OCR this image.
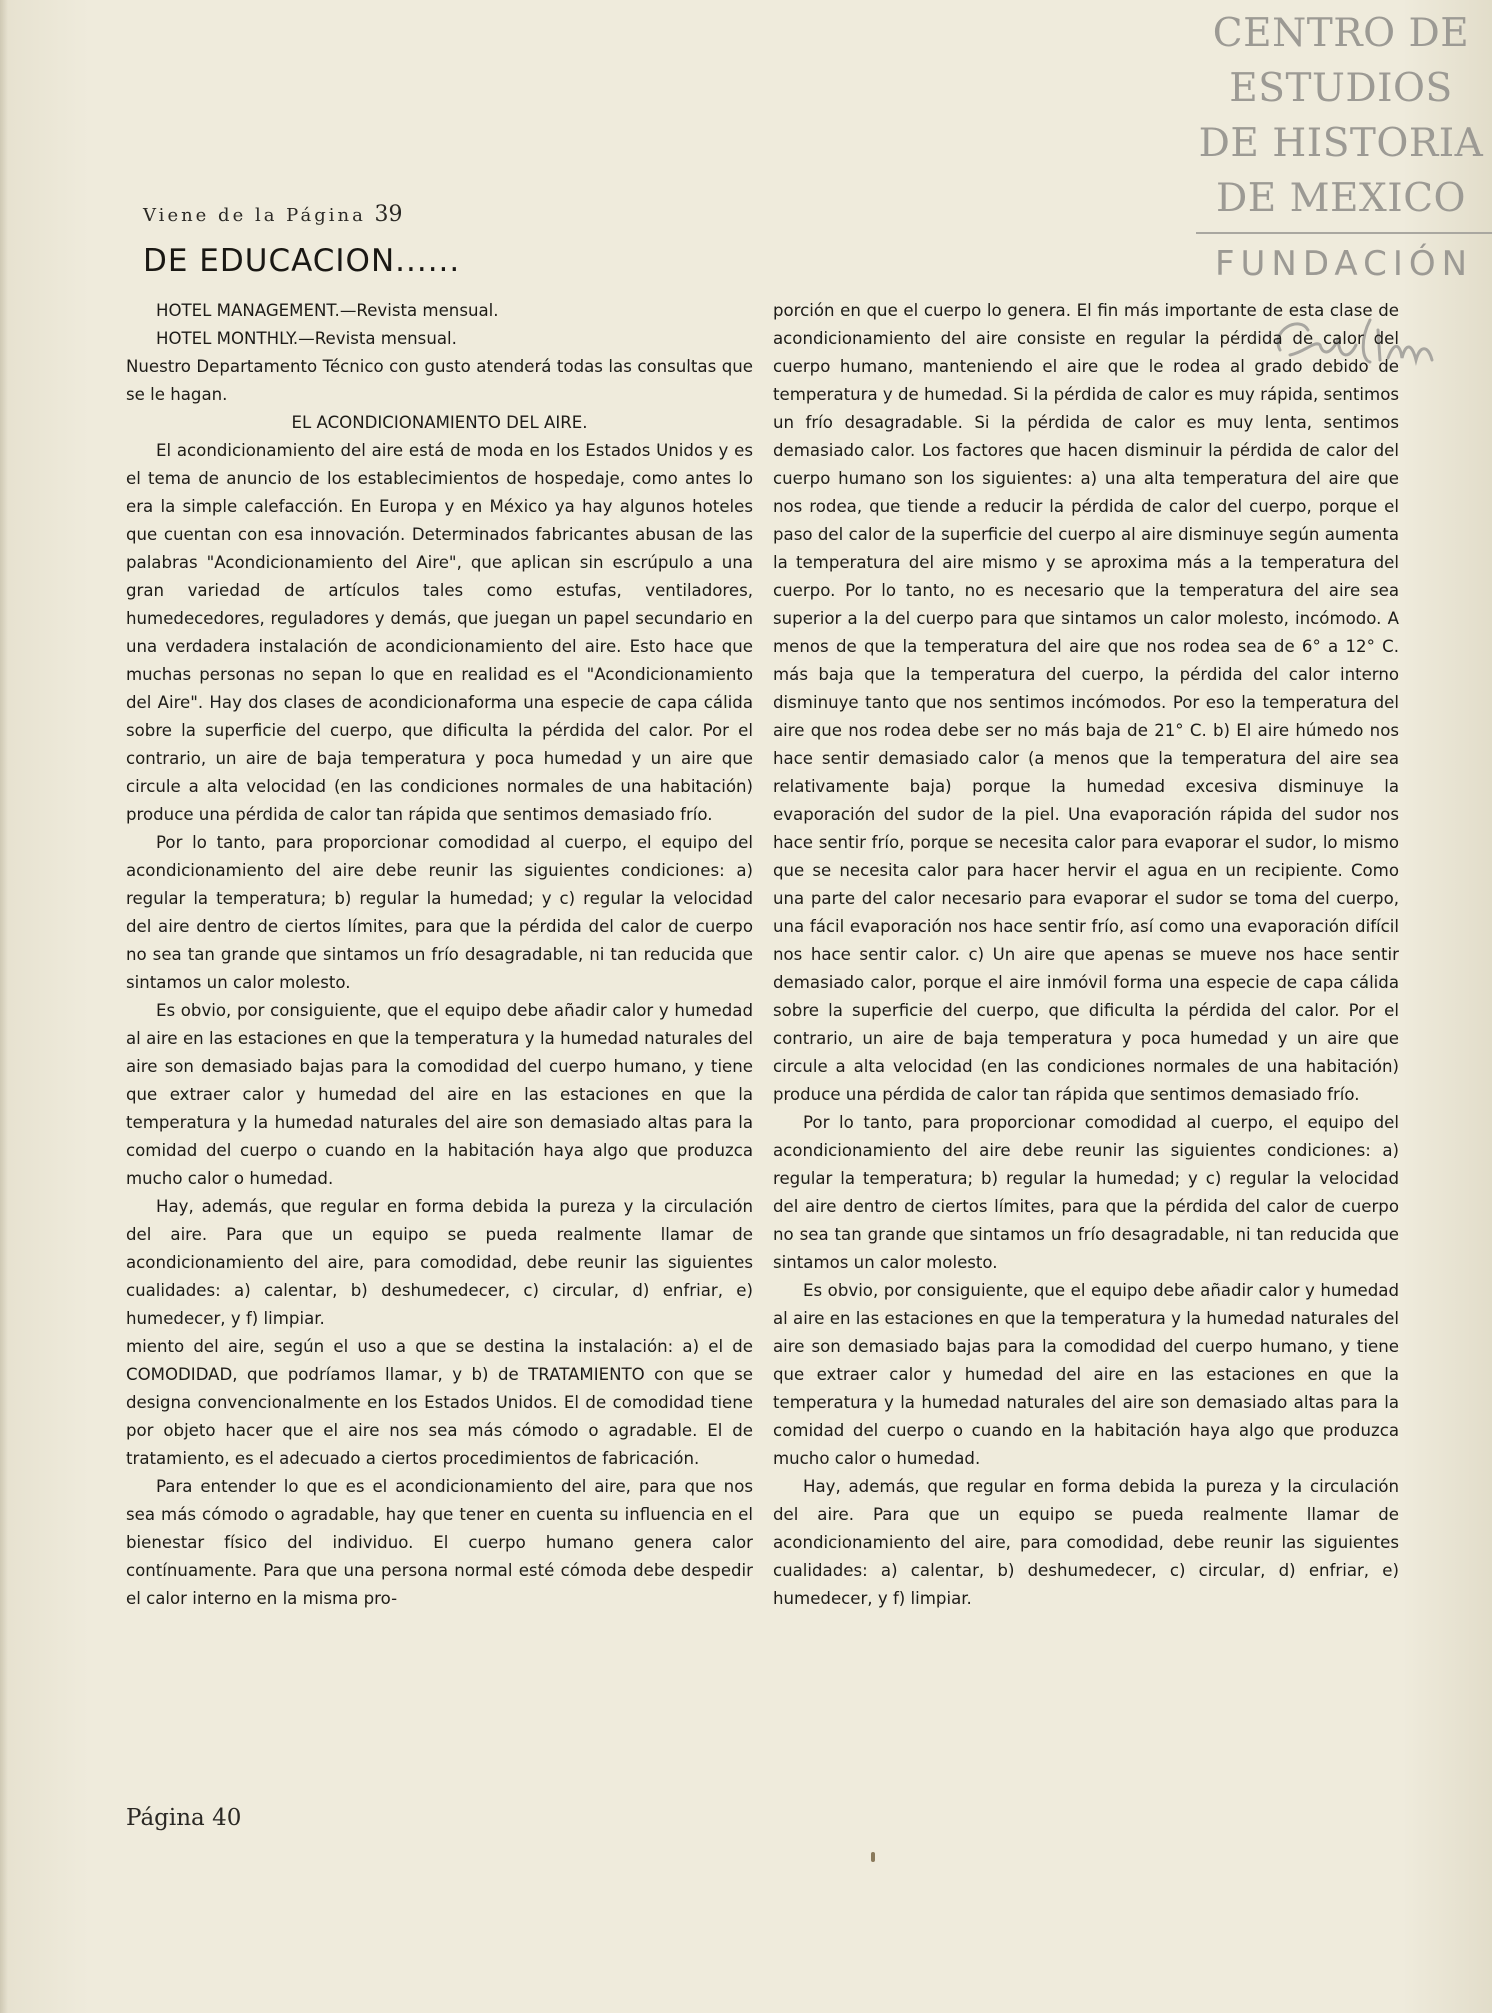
CENTRO DE
ESTUDIOS
DE HISTORIA
DE MEXICO
FUNDACIÓN
Viene de la Página 39
DE EDUCACION......

HOTEL MANAGEMENT.—Revista mensual.

HOTEL MONTHLY.—Revista mensual.

Nuestro Departamento Técnico con gusto atenderá todas las consultas que se le hagan.

EL ACONDICIONAMIENTO DEL AIRE.

El acondicionamiento del aire está de moda en los Estados Unidos y es el tema de anuncio de los establecimientos de hospedaje, como antes lo era la simple calefacción. En Europa y en México ya hay algunos hoteles que cuentan con esa innovación. Determinados fabricantes abusan de las palabras "Acondicionamiento del Aire", que aplican sin escrúpulo a una gran variedad de artículos tales como estufas, ventiladores, humedecedores, reguladores y demás, que juegan un papel secundario en una verdadera instalación de acondicionamiento del aire. Esto hace que muchas personas no sepan lo que en realidad es el "Acondicionamiento del Aire". Hay dos clases de acondicionaforma una especie de capa cálida sobre la superficie del cuerpo, que dificulta la pérdida del calor. Por el contrario, un aire de baja temperatura y poca humedad y un aire que circule a alta velocidad (en las condiciones normales de una habitación) produce una pérdida de calor tan rápida que sentimos demasiado frío.

Por lo tanto, para proporcionar comodidad al cuerpo, el equipo del acondicionamiento del aire debe reunir las siguientes condiciones: a) regular la temperatura; b) regular la humedad; y c) regular la velocidad del aire dentro de ciertos límites, para que la pérdida del calor de cuerpo no sea tan grande que sintamos un frío desagradable, ni tan reducida que sintamos un calor molesto.

Es obvio, por consiguiente, que el equipo debe añadir calor y humedad al aire en las estaciones en que la temperatura y la humedad naturales del aire son demasiado bajas para la comodidad del cuerpo humano, y tiene que extraer calor y humedad del aire en las estaciones en que la temperatura y la humedad naturales del aire son demasiado altas para la comidad del cuerpo o cuando en la habitación haya algo que produzca mucho calor o humedad.

Hay, además, que regular en forma debida la pureza y la circulación del aire. Para que un equipo se pueda realmente llamar de acondicionamiento del aire, para comodidad, debe reunir las siguientes cualidades: a) calentar, b) deshumedecer, c) circular, d) enfriar, e) humedecer, y f) limpiar.

miento del aire, según el uso a que se destina la instalación: a) el de COMODIDAD, que podríamos llamar, y b) de TRATAMIENTO con que se designa convencionalmente en los Estados Unidos. El de comodidad tiene por objeto hacer que el aire nos sea más cómodo o agradable. El de tratamiento, es el adecuado a ciertos procedimientos de fabricación.

Para entender lo que es el acondicionamiento del aire, para que nos sea más cómodo o agradable, hay que tener en cuenta su influencia en el bienestar físico del individuo. El cuerpo humano genera calor contínuamente. Para que una persona normal esté cómoda debe despedir el calor interno en la misma pro-

porción en que el cuerpo lo genera. El fin más importante de esta clase de acondicionamiento del aire consiste en regular la pérdida de calor del cuerpo humano, manteniendo el aire que le rodea al grado debido de temperatura y de humedad. Si la pérdida de calor es muy rápida, sentimos un frío desagradable. Si la pérdida de calor es muy lenta, sentimos demasiado calor. Los factores que hacen disminuir la pérdida de calor del cuerpo humano son los siguientes: a) una alta temperatura del aire que nos rodea, que tiende a reducir la pérdida de calor del cuerpo, porque el paso del calor de la superficie del cuerpo al aire disminuye según aumenta la temperatura del aire mismo y se aproxima más a la temperatura del cuerpo. Por lo tanto, no es necesario que la temperatura del aire sea superior a la del cuerpo para que sintamos un calor molesto, incómodo. A menos de que la temperatura del aire que nos rodea sea de 6° a 12° C. más baja que la temperatura del cuerpo, la pérdida del calor interno disminuye tanto que nos sentimos incómodos. Por eso la temperatura del aire que nos rodea debe ser no más baja de 21° C. b) El aire húmedo nos hace sentir demasiado calor (a menos que la temperatura del aire sea relativamente baja) porque la humedad excesiva disminuye la evaporación del sudor de la piel. Una evaporación rápida del sudor nos hace sentir frío, porque se necesita calor para evaporar el sudor, lo mismo que se necesita calor para hacer hervir el agua en un recipiente. Como una parte del calor necesario para evaporar el sudor se toma del cuerpo, una fácil evaporación nos hace sentir frío, así como una evaporación difícil nos hace sentir calor. c) Un aire que apenas se mueve nos hace sentir demasiado calor, porque el aire inmóvil forma una especie de capa cálida sobre la superficie del cuerpo, que dificulta la pérdida del calor. Por el contrario, un aire de baja temperatura y poca humedad y un aire que circule a alta velocidad (en las condiciones normales de una habitación) produce una pérdida de calor tan rápida que sentimos demasiado frío.

Por lo tanto, para proporcionar comodidad al cuerpo, el equipo del acondicionamiento del aire debe reunir las siguientes condiciones: a) regular la temperatura; b) regular la humedad; y c) regular la velocidad del aire dentro de ciertos límites, para que la pérdida del calor de cuerpo no sea tan grande que sintamos un frío desagradable, ni tan reducida que sintamos un calor molesto.

Es obvio, por consiguiente, que el equipo debe añadir calor y humedad al aire en las estaciones en que la temperatura y la humedad naturales del aire son demasiado bajas para la comodidad del cuerpo humano, y tiene que extraer calor y humedad del aire en las estaciones en que la temperatura y la humedad naturales del aire son demasiado altas para la comidad del cuerpo o cuando en la habitación haya algo que produzca mucho calor o humedad.

Hay, además, que regular en forma debida la pureza y la circulación del aire. Para que un equipo se pueda realmente llamar de acondicionamiento del aire, para comodidad, debe reunir las siguientes cualidades: a) calentar, b) deshumedecer, c) circular, d) enfriar, e) humedecer, y f) limpiar.

Página 40
